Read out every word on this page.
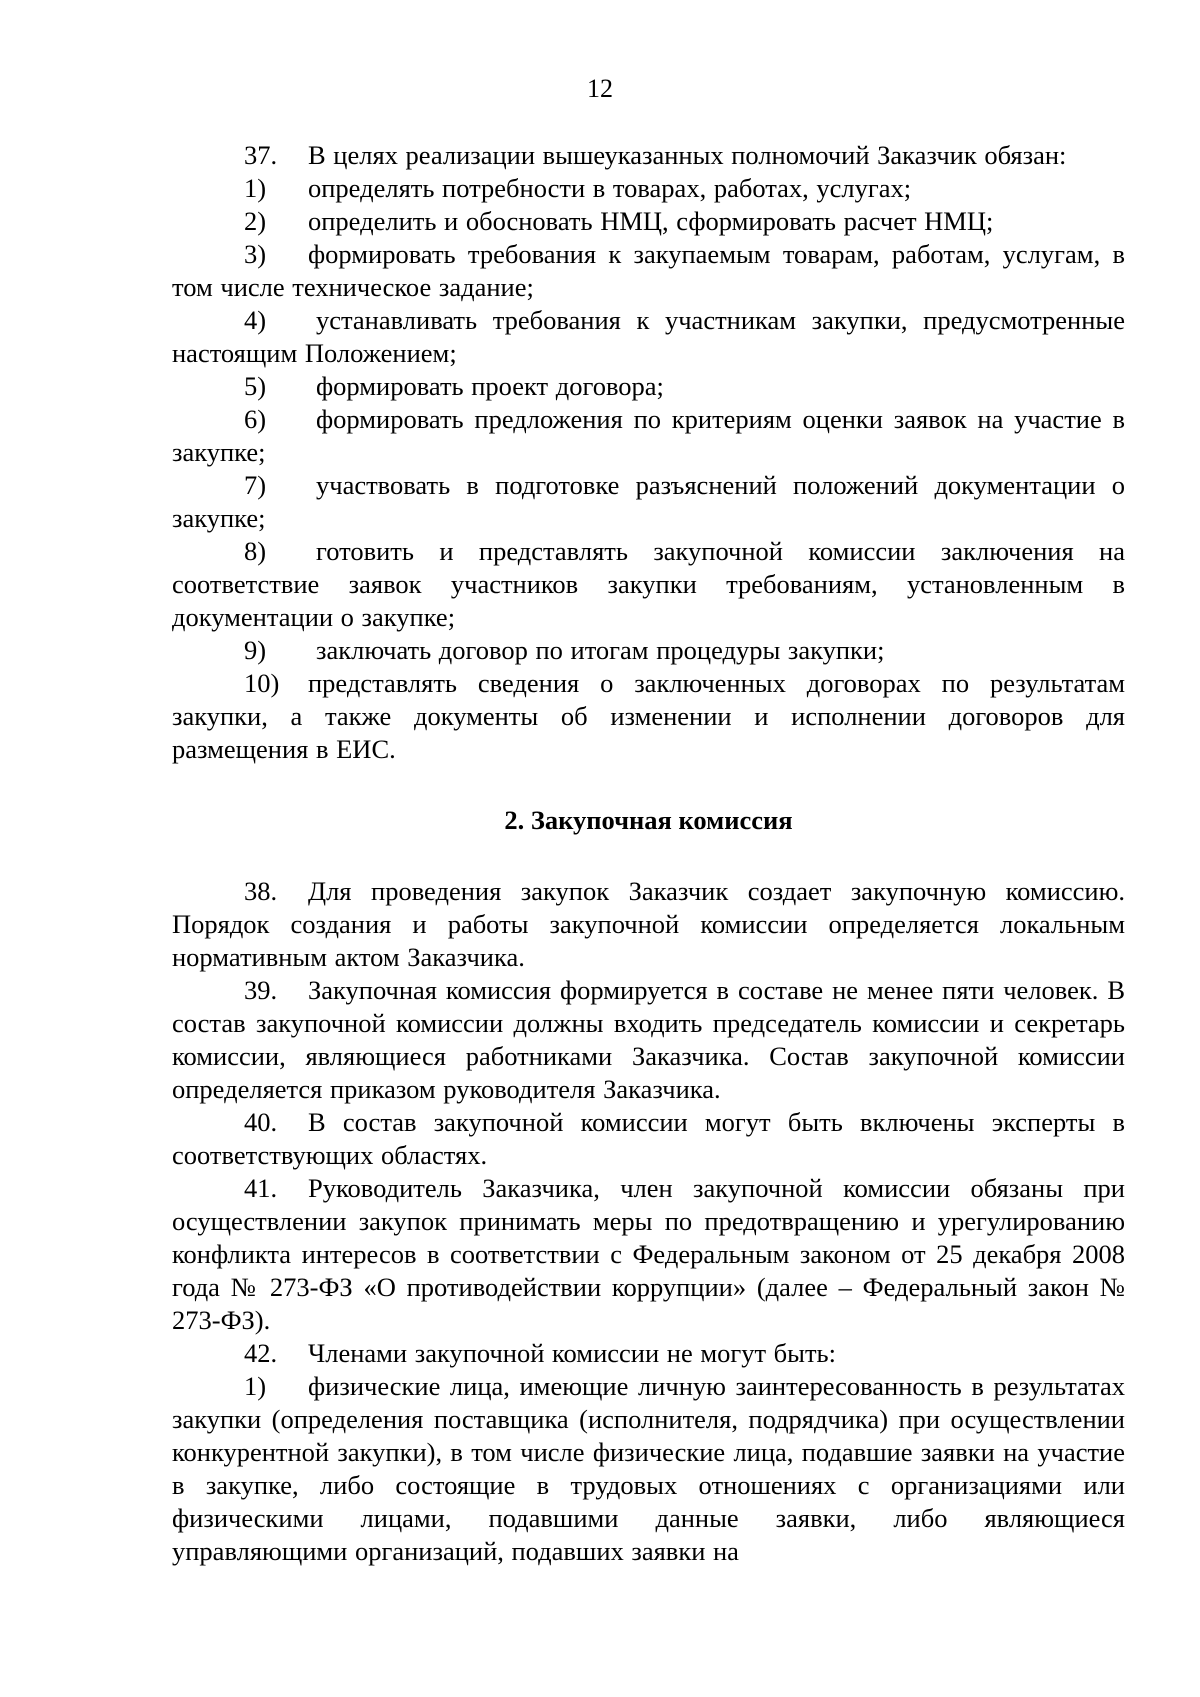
12

37. В целях реализации вышеуказанных полномочий Заказчик обязан:

1) определять потребности в товарах, работах, услугах;

2) определить и обосновать НМЦ, сформировать расчет НМЦ;

3) формировать требования к закупаемым товарам, работам, услугам, в том числе техническое задание;

4) устанавливать требования к участникам закупки, предусмотренные настоящим Положением;

5) формировать проект договора;

6) формировать предложения по критериям оценки заявок на участие в закупке;

7) участвовать в подготовке разъяснений положений документации о закупке;

8) готовить и представлять закупочной комиссии заключения на соответствие заявок участников закупки требованиям, установленным в документации о закупке;

9) заключать договор по итогам процедуры закупки;

10) представлять сведения о заключенных договорах по результатам закупки, а также документы об изменении и исполнении договоров для размещения в ЕИС.

2. Закупочная комиссия

38. Для проведения закупок Заказчик создает закупочную комиссию. Порядок создания и работы закупочной комиссии определяется локальным нормативным актом Заказчика.

39. Закупочная комиссия формируется в составе не менее пяти человек. В состав закупочной комиссии должны входить председатель комиссии и секретарь комиссии, являющиеся работниками Заказчика. Состав закупочной комиссии определяется приказом руководителя Заказчика.

40. В состав закупочной комиссии могут быть включены эксперты в соответствующих областях.

41. Руководитель Заказчика, член закупочной комиссии обязаны при осуществлении закупок принимать меры по предотвращению и урегулированию конфликта интересов в соответствии с Федеральным законом от 25 декабря 2008 года № 273-ФЗ «О противодействии коррупции» (далее – Федеральный закон № 273-ФЗ).

42. Членами закупочной комиссии не могут быть:

1) физические лица, имеющие личную заинтересованность в результатах закупки (определения поставщика (исполнителя, подрядчика) при осуществлении конкурентной закупки), в том числе физические лица, подавшие заявки на участие в закупке, либо состоящие в трудовых отношениях с организациями или физическими лицами, подавшими данные заявки, либо являющиеся управляющими организаций, подавших заявки на
